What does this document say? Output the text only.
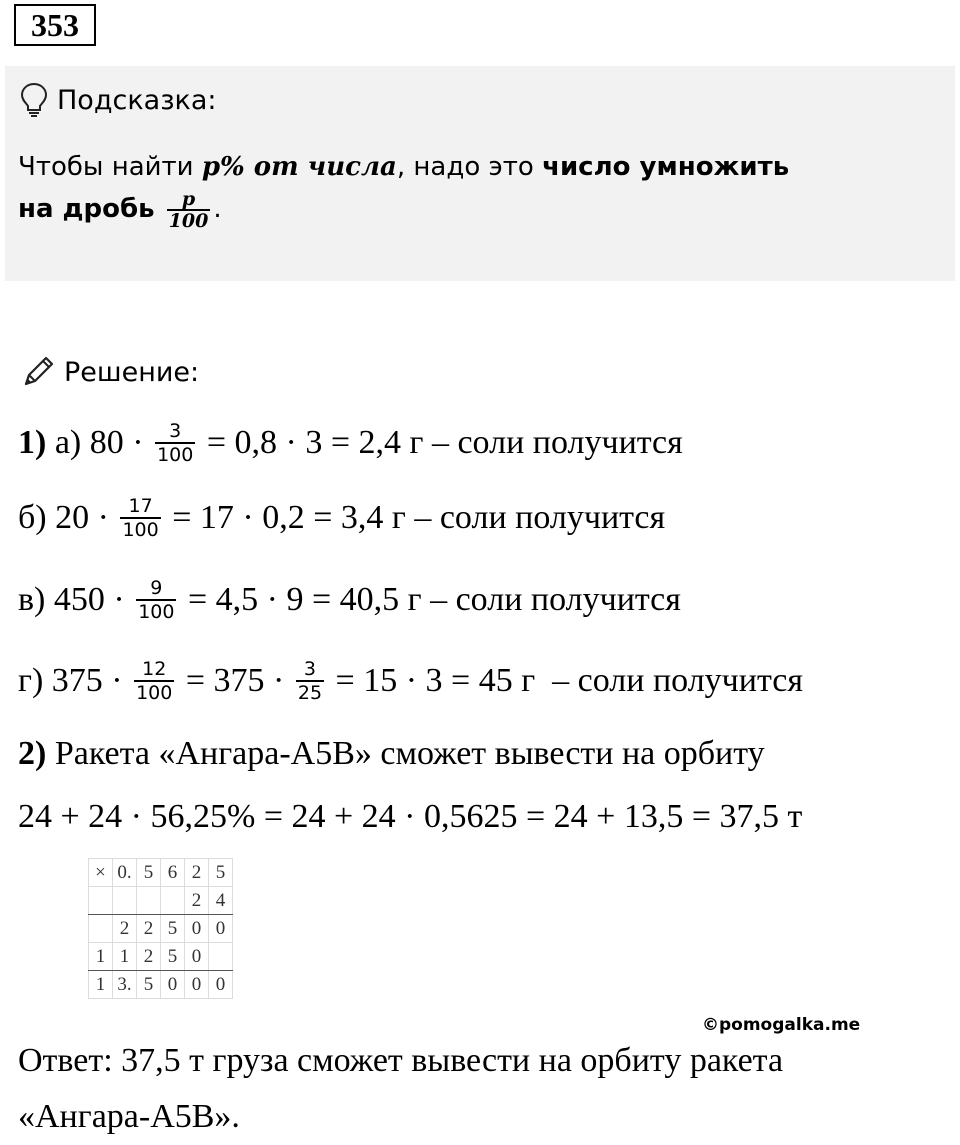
353
Подсказка:
Чтобы найти p% от числа, надо это число умножить
на дробь $\frac{p}{100}$ .
Решение:
1) а) $80 \cdot \frac{3}{100} = 0,8 \cdot 3 = 2,4$ г – соли получится
б) $20 \cdot \frac{17}{100} = 17 \cdot 0,2 = 3,4$ г – соли получится
в) $450 \cdot \frac{9}{100} = 4,5 \cdot 9 = 40,5$ г – соли получится
г) $375 \cdot \frac{12}{100} = 375 \cdot \frac{3}{25} = 15 \cdot 3 = 45$ г  – соли получится
2) Ракета «Ангара-А5В» сможет вывести на орбиту
24 + 24 · 56,25% = 24 + 24 · 0,5625 = 24 + 13,5 = 37,5 т
×	0.	5	6	2	5
				2	4
	2	2	5	0	0
1	1	2	5	0	
1	3.	5	0	0	0
©pomogalka.me
Ответ: 37,5 т груза сможет вывести на орбиту ракета
«Ангара-А5В».
